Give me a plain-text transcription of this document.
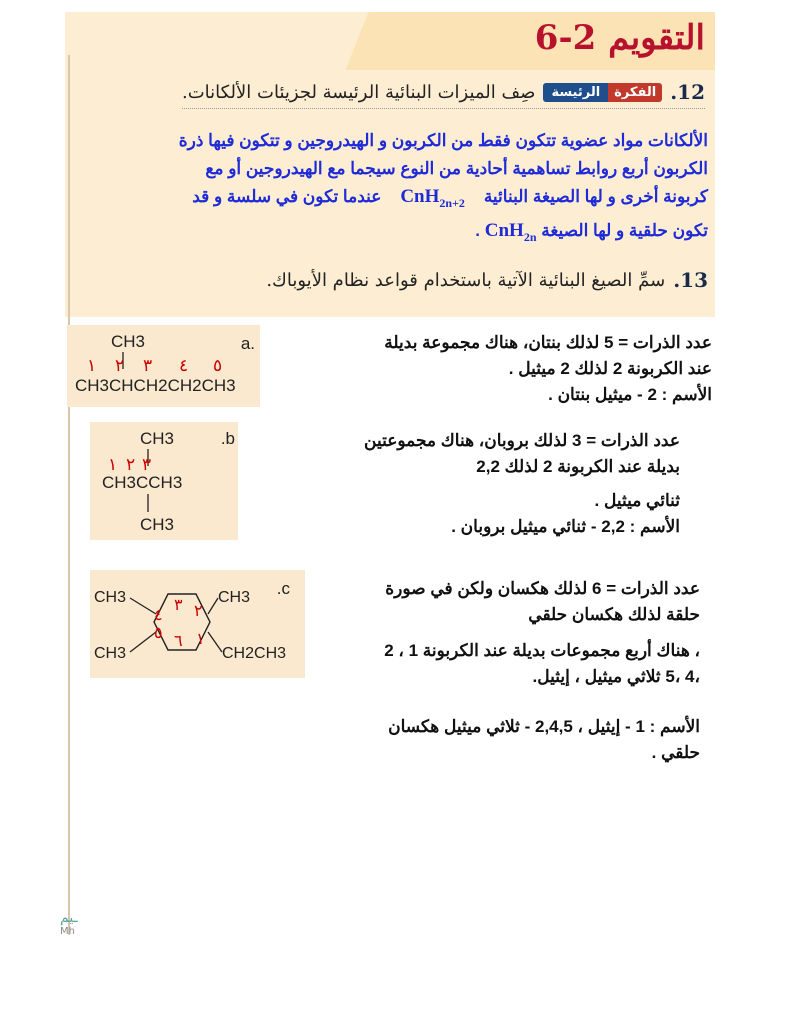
التقويم 2-6
12.
الفكرة
الرئيسة
صِف الميزات البنائية الرئيسة لجزيئات الألكانات.
الألكانات مواد عضوية تتكون فقط من الكربون و الهيدروجين و تتكون فيها ذرة
الكربون أربع روابط تساهمية أحادية من النوع سيجما مع الهيدروجين أو مع
كربونة أخرى و لها الصيغة البنائية    CnH$_{2n+2}$    عندما تكون في سلسة و قد
تكون حلقية و لها الصيغة CnH$_{2n}$ .
13.
سمِّ الصيغ البنائية الآتية باستخدام قواعد نظام الأيوباك.
a.
CH3
١ ٢ ٣ ٤ ٥
CH3CHCH2CH2CH3
عدد الذرات = 5 لذلك بنتان، هناك مجموعة بديلة
عند الكربونة 2 لذلك 2 ميثيل .
الأسم : 2 - ميثيل بنتان .
.b
CH3
١ ٢ ٣
CH3CCH3
CH3
عدد الذرات = 3 لذلك بروبان، هناك مجموعتين
بديلة عند الكربونة 2 لذلك 2,2
ثنائي ميثيل .
الأسم : 2,2 - ثنائي ميثيل بروبان .
.c
CH3	CH3
CH3	CH2CH3
١
٢
٣
٤
٥ ٦
عدد الذرات = 6 لذلك هكسان ولكن في صورة
حلقة لذلك هكسان حلقي
، هناك أربع مجموعات بديلة عند الكربونة 1 ، 2
،4 ،5 ثلاثي ميثيل ، إيثيل.
الأسم : 1 - إيثيل ، 2,4,5 - ثلاثي ميثيل هكسان
حلقي .
ـيم
Mh
